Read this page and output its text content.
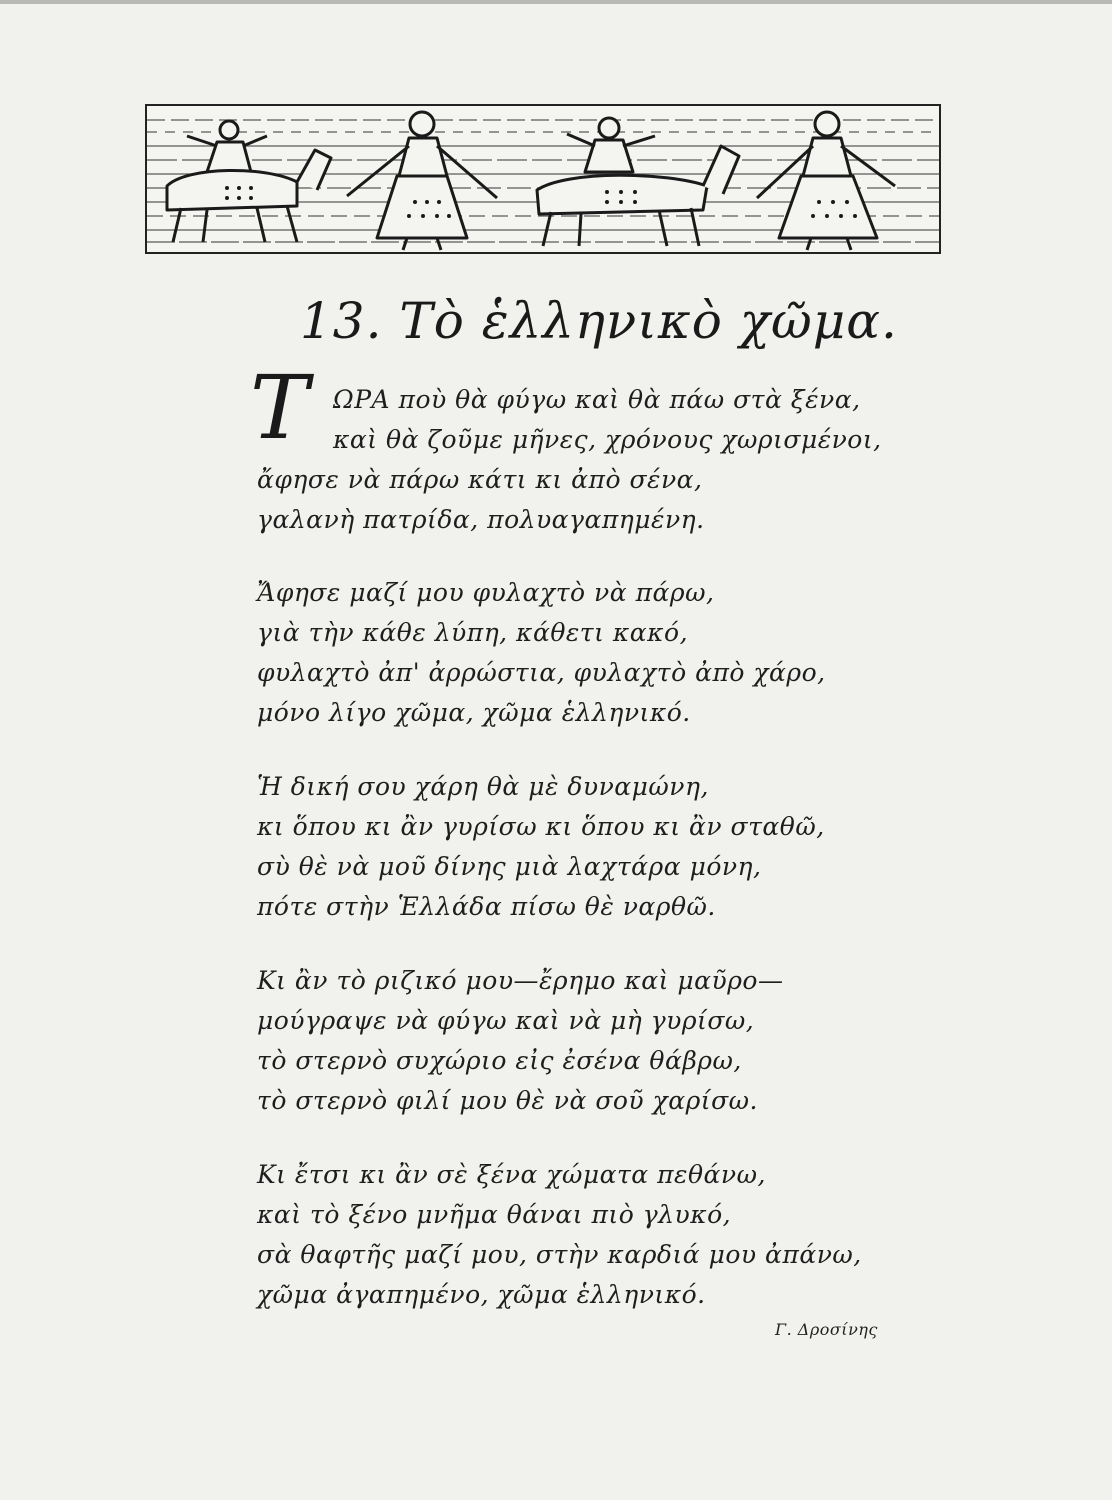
13. Τὸ ἑλληνικὸ χῶμα.
Τ ΩΡΑ ποὺ θὰ φύγω καὶ θὰ πάω στὰ ξένα,
καὶ θὰ ζοῦμε μῆνες, χρόνους χωρισμένοι,
ἄφησε νὰ πάρω κάτι κι ἀπὸ σένα,
γαλανὴ πατρίδα, πολυαγαπημένη.
Ἄφησε μαζί μου φυλαχτὸ νὰ πάρω,
γιὰ τὴν κάθε λύπη, κάθετι κακό,
φυλαχτὸ ἀπ' ἀρρώστια, φυλαχτὸ ἀπὸ χάρο,
μόνο λίγο χῶμα, χῶμα ἑλληνικό.
Ἡ δική σου χάρη θὰ μὲ δυναμώνη,
κι ὅπου κι ἂν γυρίσω κι ὅπου κι ἂν σταθῶ,
σὺ θὲ νὰ μοῦ δίνης μιὰ λαχτάρα μόνη,
πότε στὴν Ἑλλάδα πίσω θὲ ναρθῶ.
Κι ἂν τὸ ριζικό μου—ἔρημο καὶ μαῦρο—
μούγραψε νὰ φύγω καὶ νὰ μὴ γυρίσω,
τὸ στερνὸ συχώριο εἰς ἐσένα θάβρω,
τὸ στερνὸ φιλί μου θὲ νὰ σοῦ χαρίσω.
Κι ἔτσι κι ἂν σὲ ξένα χώματα πεθάνω,
καὶ τὸ ξένο μνῆμα θάναι πιὸ γλυκό,
σὰ θαφτῆς μαζί μου, στὴν καρδιά μου ἀπάνω,
χῶμα ἀγαπημένο, χῶμα ἑλληνικό.
Γ. Δροσίνης
